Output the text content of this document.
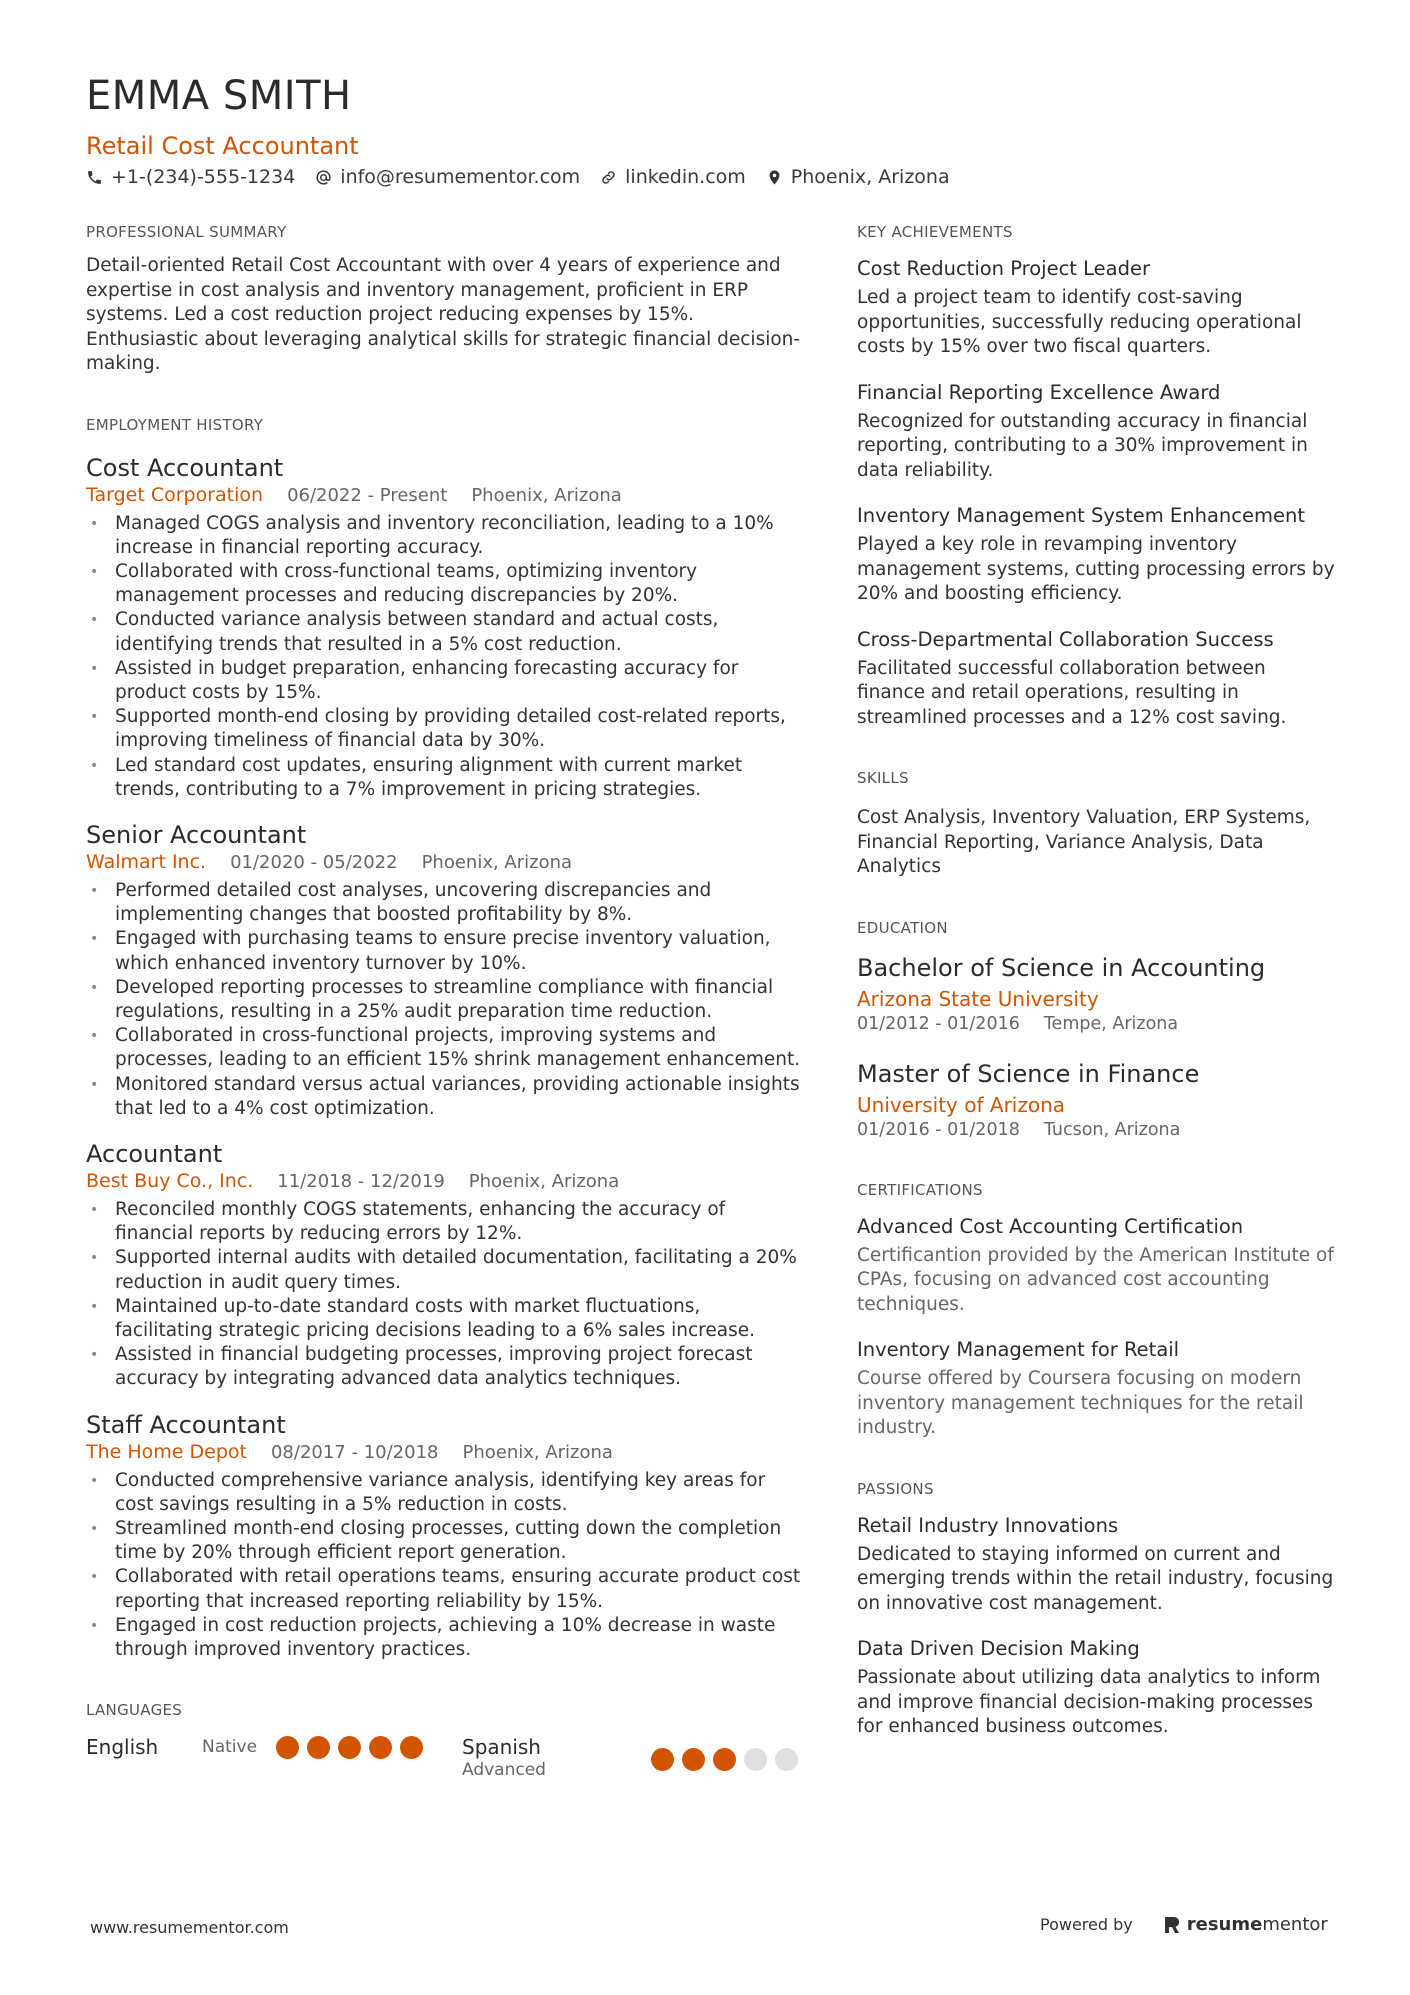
EMMA SMITH
Retail Cost Accountant
+1-(234)-555-1234 info@resumementor.com linkedin.com Phoenix, Arizona
PROFESSIONAL SUMMARY
Detail-oriented Retail Cost Accountant with over 4 years of experience and expertise in cost analysis and inventory management, proficient in ERP systems. Led a cost reduction project reducing expenses by 15%. Enthusiastic about leveraging analytical skills for strategic financial decision-making.
EMPLOYMENT HISTORY
Cost Accountant
Target Corporation 06/2022 - Present Phoenix, Arizona
• Managed COGS analysis and inventory reconciliation, leading to a 10% increase in financial reporting accuracy.
• Collaborated with cross-functional teams, optimizing inventory management processes and reducing discrepancies by 20%.
• Conducted variance analysis between standard and actual costs, identifying trends that resulted in a 5% cost reduction.
• Assisted in budget preparation, enhancing forecasting accuracy for product costs by 15%.
• Supported month-end closing by providing detailed cost-related reports, improving timeliness of financial data by 30%.
• Led standard cost updates, ensuring alignment with current market trends, contributing to a 7% improvement in pricing strategies.
Senior Accountant
Walmart Inc. 01/2020 - 05/2022 Phoenix, Arizona
• Performed detailed cost analyses, uncovering discrepancies and implementing changes that boosted profitability by 8%.
• Engaged with purchasing teams to ensure precise inventory valuation, which enhanced inventory turnover by 10%.
• Developed reporting processes to streamline compliance with financial regulations, resulting in a 25% audit preparation time reduction.
• Collaborated in cross-functional projects, improving systems and processes, leading to an efficient 15% shrink management enhancement.
• Monitored standard versus actual variances, providing actionable insights that led to a 4% cost optimization.
Accountant
Best Buy Co., Inc. 11/2018 - 12/2019 Phoenix, Arizona
• Reconciled monthly COGS statements, enhancing the accuracy of financial reports by reducing errors by 12%.
• Supported internal audits with detailed documentation, facilitating a 20% reduction in audit query times.
• Maintained up-to-date standard costs with market fluctuations, facilitating strategic pricing decisions leading to a 6% sales increase.
• Assisted in financial budgeting processes, improving project forecast accuracy by integrating advanced data analytics techniques.
Staff Accountant
The Home Depot 08/2017 - 10/2018 Phoenix, Arizona
• Conducted comprehensive variance analysis, identifying key areas for cost savings resulting in a 5% reduction in costs.
• Streamlined month-end closing processes, cutting down the completion time by 20% through efficient report generation.
• Collaborated with retail operations teams, ensuring accurate product cost reporting that increased reporting reliability by 15%.
• Engaged in cost reduction projects, achieving a 10% decrease in waste through improved inventory practices.
LANGUAGES
English	Native	Spanish
Advanced
KEY ACHIEVEMENTS
Cost Reduction Project Leader
Led a project team to identify cost-saving opportunities, successfully reducing operational costs by 15% over two fiscal quarters.
Financial Reporting Excellence Award
Recognized for outstanding accuracy in financial reporting, contributing to a 30% improvement in data reliability.
Inventory Management System Enhancement
Played a key role in revamping inventory management systems, cutting processing errors by 20% and boosting efficiency.
Cross-Departmental Collaboration Success
Facilitated successful collaboration between finance and retail operations, resulting in streamlined processes and a 12% cost saving.
SKILLS
Cost Analysis, Inventory Valuation, ERP Systems, Financial Reporting, Variance Analysis, Data Analytics
EDUCATION
Bachelor of Science in Accounting
Arizona State University
01/2012 - 01/2016 Tempe, Arizona
Master of Science in Finance
University of Arizona
01/2016 - 01/2018 Tucson, Arizona
CERTIFICATIONS
Advanced Cost Accounting Certification
Certificantion provided by the American Institute of CPAs, focusing on advanced cost accounting techniques.
Inventory Management for Retail
Course offered by Coursera focusing on modern inventory management techniques for the retail industry.
PASSIONS
Retail Industry Innovations
Dedicated to staying informed on current and emerging trends within the retail industry, focusing on innovative cost management.
Data Driven Decision Making
Passionate about utilizing data analytics to inform and improve financial decision-making processes for enhanced business outcomes.
www.resumementor.com	Powered by	resume mentor
